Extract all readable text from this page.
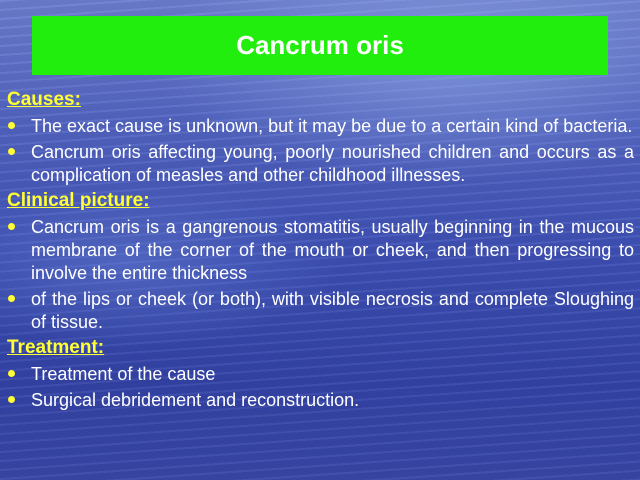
Cancrum oris

Causes:

The exact cause is unknown, but it may be due to a certain kind of bacteria.
Cancrum oris affecting young, poorly nourished children and occurs as a complication of measles and other childhood illnesses.

Clinical picture:

Cancrum oris is a gangrenous stomatitis, usually beginning in the mucous membrane of the corner of the mouth or cheek, and then progressing to involve the entire thickness
of the lips or cheek (or both), with visible necrosis and complete Sloughing of tissue.

Treatment:

Treatment of the cause
Surgical debridement and reconstruction.
